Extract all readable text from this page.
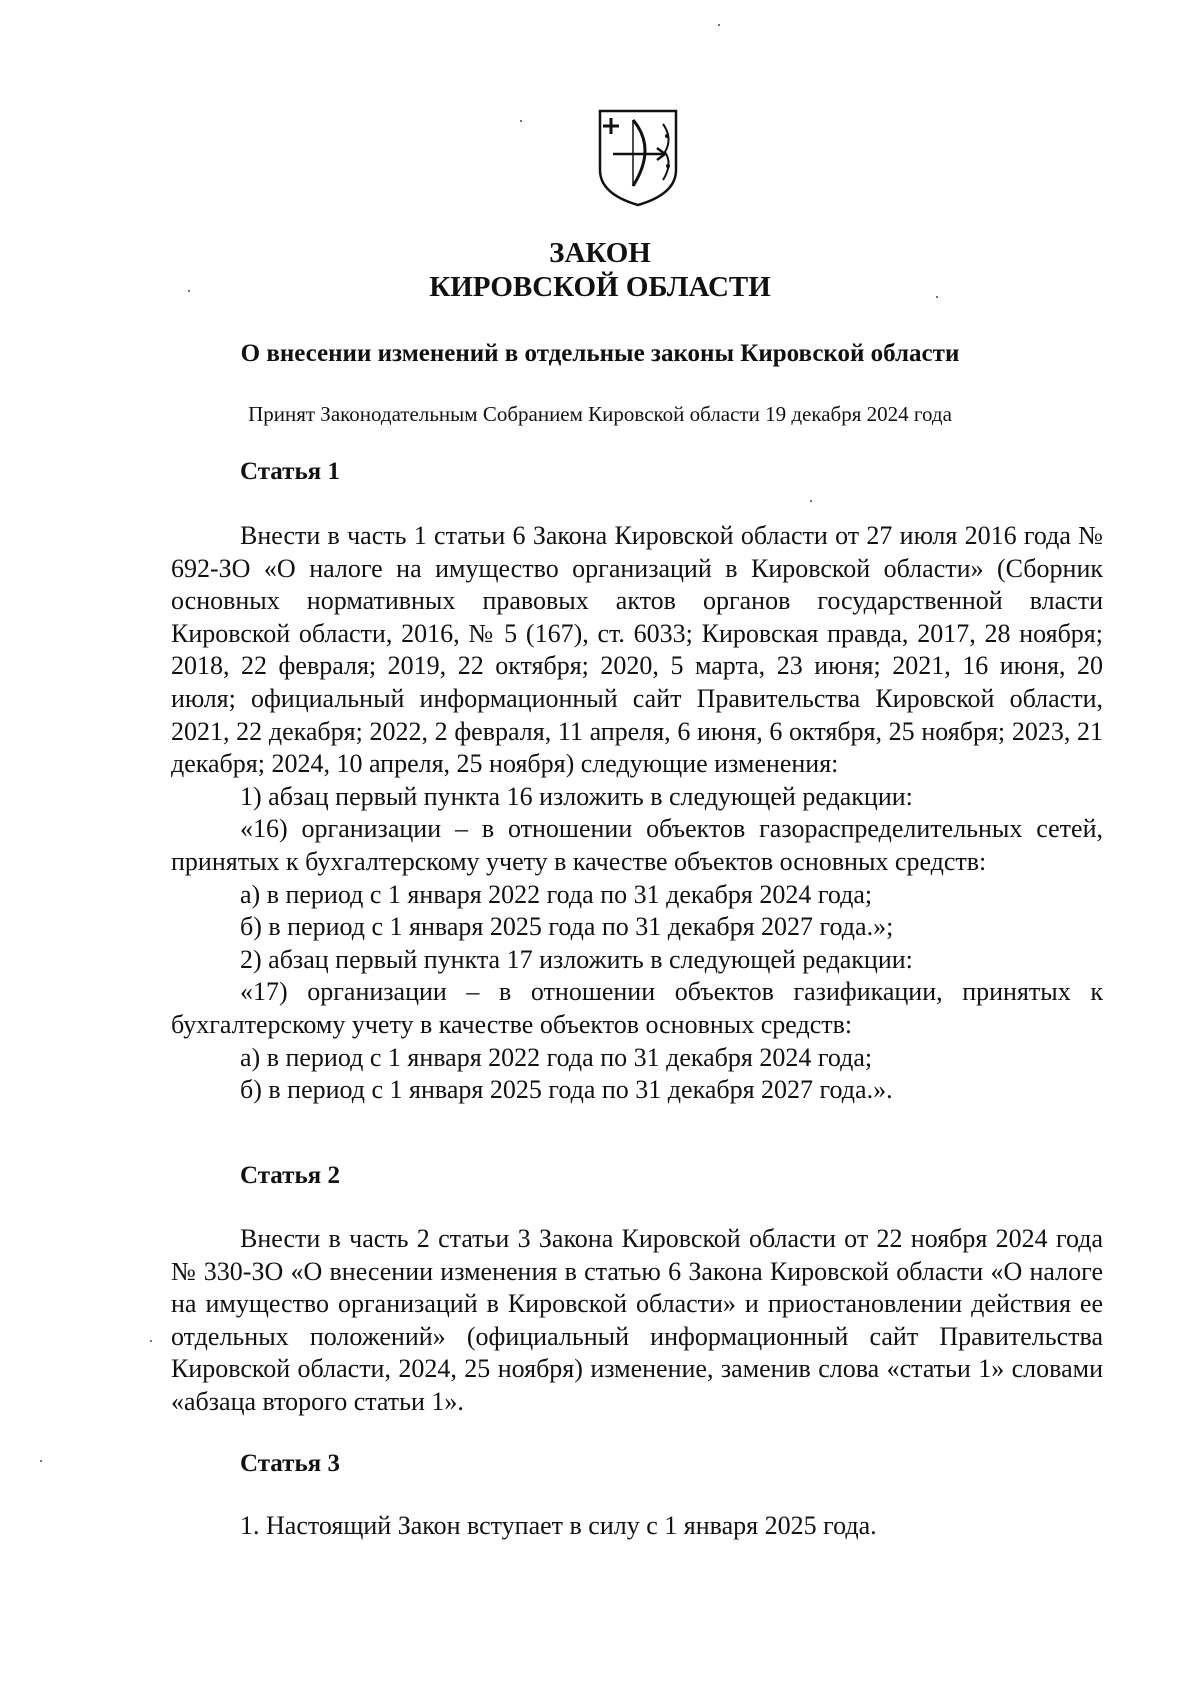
ЗАКОН
КИРОВСКОЙ ОБЛАСТИ
О внесении изменений в отдельные законы Кировской области
Принят Законодательным Собранием Кировской области 19 декабря 2024 года
Статья 1

Внести в часть 1 статьи 6 Закона Кировской области от 27 июля 2016 года № 692-ЗО «О налоге на имущество организаций в Кировской области» (Сборник основных нормативных правовых актов органов государственной власти Кировской области, 2016, № 5 (167), ст. 6033; Кировская правда, 2017, 28 ноября; 2018, 22 февраля; 2019, 22 октября; 2020, 5 марта, 23 июня; 2021, 16 июня, 20 июля; официальный информационный сайт Правительства Кировской области, 2021, 22 декабря; 2022, 2 февраля, 11 апреля, 6 июня, 6 октября, 25 ноября; 2023, 21 декабря; 2024, 10 апреля, 25 ноября) следующие изменения:

1) абзац первый пункта 16 изложить в следующей редакции:

«16) организации – в отношении объектов газораспределительных сетей, принятых к бухгалтерскому учету в качестве объектов основных средств:

а) в период с 1 января 2022 года по 31 декабря 2024 года;

б) в период с 1 января 2025 года по 31 декабря 2027 года.»;

2) абзац первый пункта 17 изложить в следующей редакции:

«17) организации – в отношении объектов газификации, принятых к бухгалтерскому учету в качестве объектов основных средств:

а) в период с 1 января 2022 года по 31 декабря 2024 года;

б) в период с 1 января 2025 года по 31 декабря 2027 года.».

Статья 2

Внести в часть 2 статьи 3 Закона Кировской области от 22 ноября 2024 года № 330-ЗО «О внесении изменения в статью 6 Закона Кировской области «О налоге на имущество организаций в Кировской области» и приостановлении действия ее отдельных положений» (официальный информационный сайт Правительства Кировской области, 2024, 25 ноября) изменение, заменив слова «статьи 1» словами «абзаца второго статьи 1».

Статья 3

1. Настоящий Закон вступает в силу с 1 января 2025 года.
